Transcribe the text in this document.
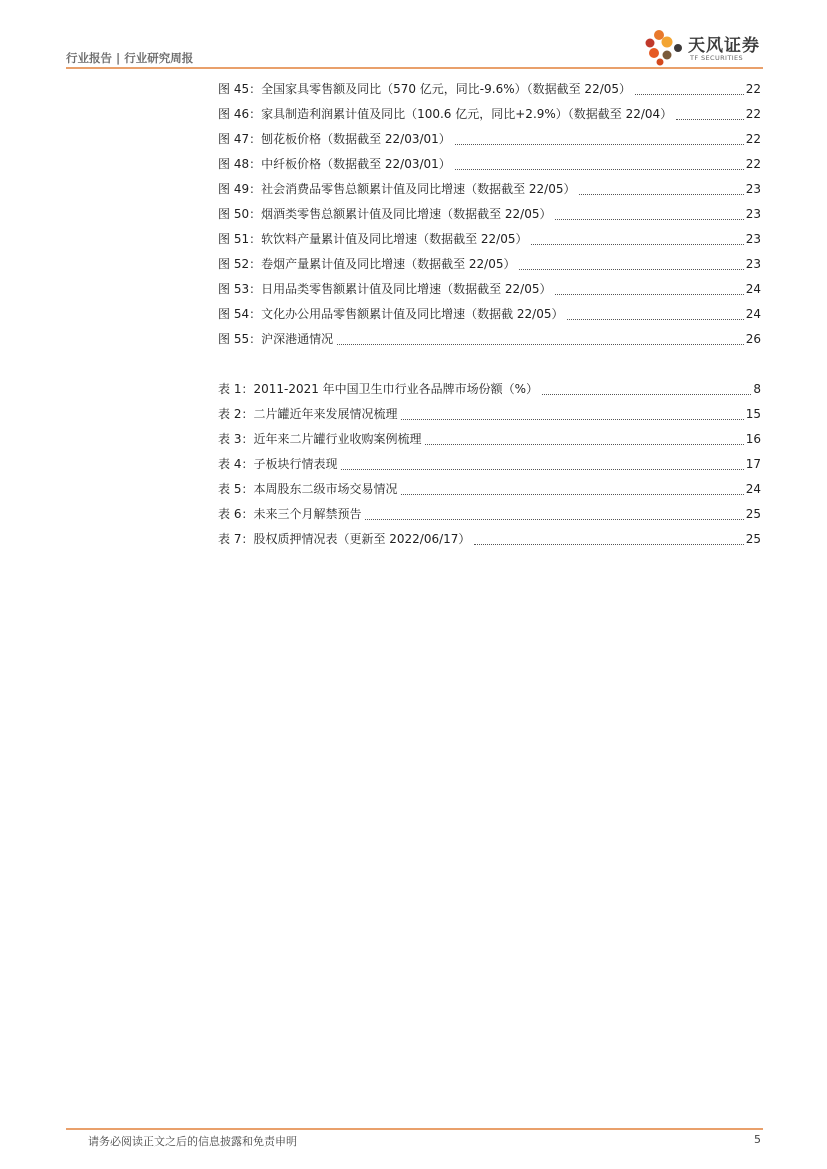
行业报告 | 行业研究周报
天风证券
TF SECURITIES
图 45：全国家具零售额及同比（570 亿元，同比-9.6%）（数据截至 22/05）	22
图 46：家具制造利润累计值及同比（100.6 亿元，同比+2.9%）（数据截至 22/04）	22
图 47：刨花板价格（数据截至 22/03/01）	22
图 48：中纤板价格（数据截至 22/03/01）	22
图 49：社会消费品零售总额累计值及同比增速（数据截至 22/05）	23
图 50：烟酒类零售总额累计值及同比增速（数据截至 22/05）	23
图 51：软饮料产量累计值及同比增速（数据截至 22/05）	23
图 52：卷烟产量累计值及同比增速（数据截至 22/05）	23
图 53：日用品类零售额累计值及同比增速（数据截至 22/05）	24
图 54：文化办公用品零售额累计值及同比增速（数据截 22/05）	24
图 55：沪深港通情况	26
表 1：2011-2021 年中国卫生巾行业各品牌市场份额（%）	8
表 2：二片罐近年来发展情况梳理	15
表 3：近年来二片罐行业收购案例梳理	16
表 4：子板块行情表现	17
表 5：本周股东二级市场交易情况	24
表 6：未来三个月解禁预告	25
表 7：股权质押情况表（更新至 2022/06/17）	25
请务必阅读正文之后的信息披露和免责申明	5
